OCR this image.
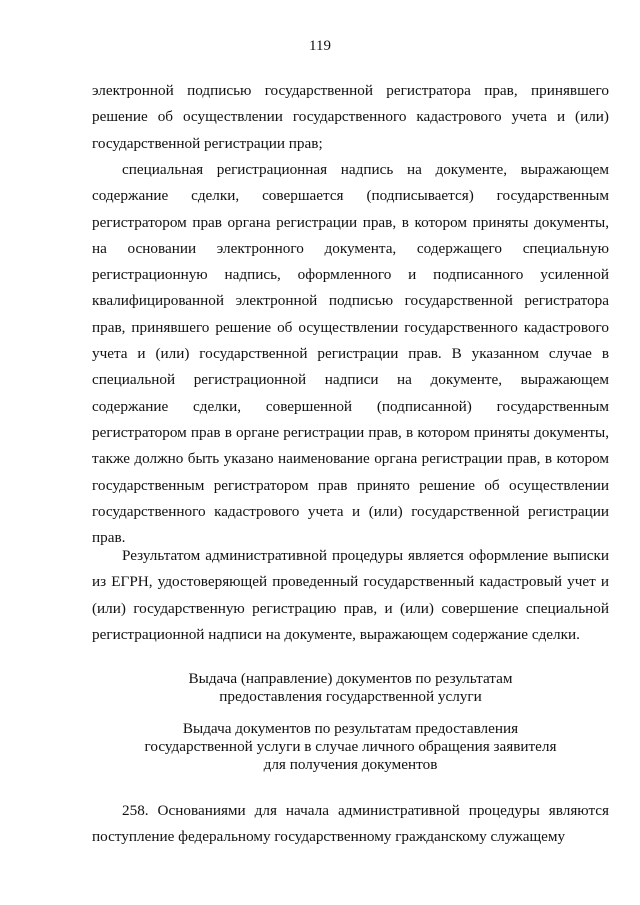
119

электронной подписью государственной регистратора прав, принявшего решение об осуществлении государственного кадастрового учета и (или) государственной регистрации прав;

специальная регистрационная надпись на документе, выражающем содержание сделки, совершается (подписывается) государственным регистратором прав органа регистрации прав, в котором приняты документы, на основании электронного документа, содержащего специальную регистрационную надпись, оформленного и подписанного усиленной квалифицированной электронной подписью государственной регистратора прав, принявшего решение об осуществлении государственного кадастрового учета и (или) государственной регистрации прав. В указанном случае в специальной регистрационной надписи на документе, выражающем содержание сделки, совершенной (подписанной) государственным регистратором прав в органе регистрации прав, в котором приняты документы, также должно быть указано наименование органа регистрации прав, в котором государственным регистратором прав принято решение об осуществлении государственного кадастрового учета и (или) государственной регистрации прав.

Результатом административной процедуры является оформление выписки из ЕГРН, удостоверяющей проведенный государственный кадастровый учет и (или) государственную регистрацию прав, и (или) совершение специальной регистрационной надписи на документе, выражающем содержание сделки.

Выдача (направление) документов по результатам
предоставления государственной услуги
Выдача документов по результатам предоставления
государственной услуги в случае личного обращения заявителя
для получения документов

258. Основаниями для начала административной процедуры являются поступление федеральному государственному гражданскому служащему
